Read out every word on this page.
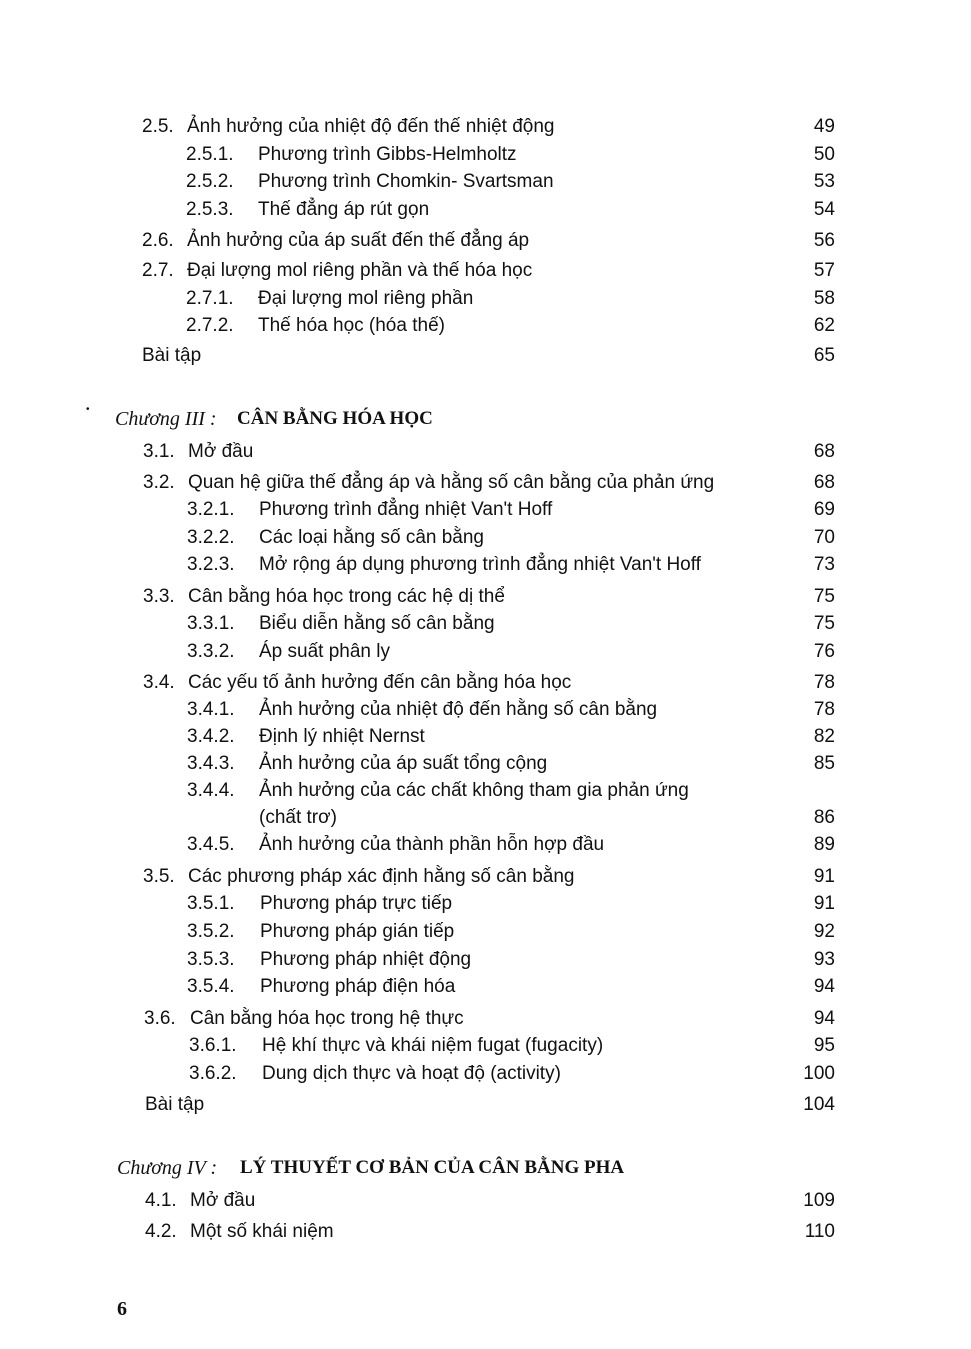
2.5. Ảnh hưởng của nhiệt độ đến thế nhiệt động	49
2.5.1. Phương trình Gibbs-Helmholtz	50
2.5.2. Phương trình Chomkin- Svartsman	53
2.5.3. Thế đẳng áp rút gọn	54
2.6. Ảnh hưởng của áp suất đến thế đẳng áp	56
2.7. Đại lượng mol riêng phần và thế hóa học	57
2.7.1. Đại lượng mol riêng phần	58
2.7.2. Thế hóa học (hóa thế)	62
Bài tập	65
• Chương III : CÂN BẰNG HÓA HỌC
3.1. Mở đầu	68
3.2. Quan hệ giữa thế đẳng áp và hằng số cân bằng của phản ứng	68
3.2.1. Phương trình đẳng nhiệt Van't Hoff	69
3.2.2. Các loại hằng số cân bằng	70
3.2.3. Mở rộng áp dụng phương trình đẳng nhiệt Van't Hoff	73
3.3. Cân bằng hóa học trong các hệ dị thể	75
3.3.1. Biểu diễn hằng số cân bằng	75
3.3.2. Áp suất phân ly	76
3.4. Các yếu tố ảnh hưởng đến cân bằng hóa học	78
3.4.1. Ảnh hưởng của nhiệt độ đến hằng số cân bằng	78
3.4.2. Định lý nhiệt Nernst	82
3.4.3. Ảnh hưởng của áp suất tổng cộng	85
3.4.4. Ảnh hưởng của các chất không tham gia phản ứng
(chất trơ)	86
3.4.5. Ảnh hưởng của thành phần hỗn hợp đầu	89
3.5. Các phương pháp xác định hằng số cân bằng	91
3.5.1. Phương pháp trực tiếp	91
3.5.2. Phương pháp gián tiếp	92
3.5.3. Phương pháp nhiệt động	93
3.5.4. Phương pháp điện hóa	94
3.6. Cân bằng hóa học trong hệ thực	94
3.6.1. Hệ khí thực và khái niệm fugat (fugacity)	95
3.6.2. Dung dịch thực và hoạt độ (activity)	100
Bài tập	104
Chương IV : LÝ THUYẾT CƠ BẢN CỦA CÂN BẰNG PHA
4.1. Mở đầu	109
4.2. Một số khái niệm	110
6
